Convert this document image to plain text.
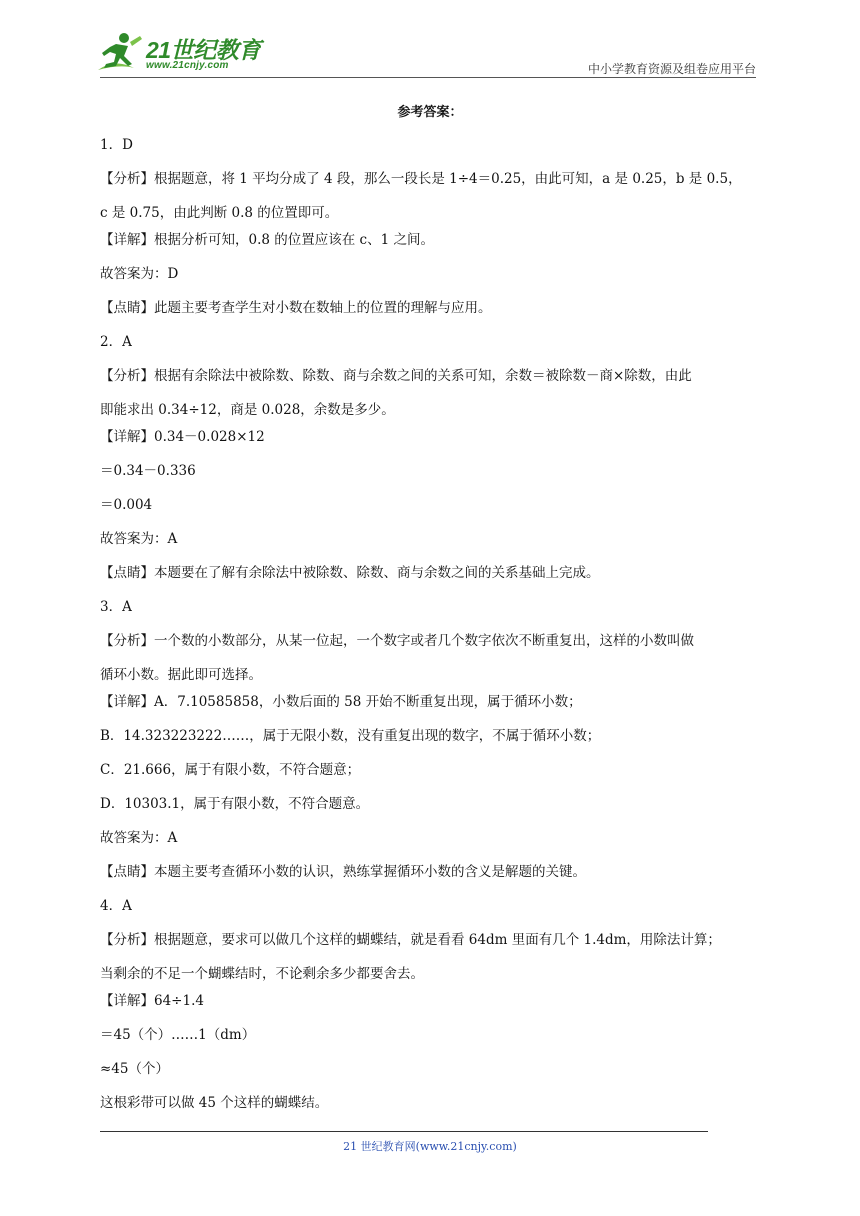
21世纪教育
www.21cnjy.com	中小学教育资源及组卷应用平台
参考答案：

1．D

【分析】根据题意，将 1 平均分成了 4 段，那么一段长是 1÷4＝0.25，由此可知，a 是 0.25，b 是 0.5，

c 是 0.75，由此判断 0.8 的位置即可。

【详解】根据分析可知，0.8 的位置应该在 c、1 之间。

故答案为：D

【点睛】此题主要考查学生对小数在数轴上的位置的理解与应用。

2．A

【分析】根据有余除法中被除数、除数、商与余数之间的关系可知，余数＝被除数－商×除数，由此

即能求出 0.34÷12，商是 0.028，余数是多少。

【详解】0.34－0.028×12

＝0.34－0.336

＝0.004

故答案为：A

【点睛】本题要在了解有余除法中被除数、除数、商与余数之间的关系基础上完成。

3．A

【分析】一个数的小数部分，从某一位起，一个数字或者几个数字依次不断重复出，这样的小数叫做

循环小数。据此即可选择。

【详解】A．7.10585858，小数后面的 58 开始不断重复出现，属于循环小数；

B．14.323223222……，属于无限小数，没有重复出现的数字，不属于循环小数；

C．21.666，属于有限小数，不符合题意；

D．10303.1，属于有限小数，不符合题意。

故答案为：A

【点睛】本题主要考查循环小数的认识，熟练掌握循环小数的含义是解题的关键。

4．A

【分析】根据题意，要求可以做几个这样的蝴蝶结，就是看看 64dm 里面有几个 1.4dm，用除法计算；

当剩余的不足一个蝴蝶结时，不论剩余多少都要舍去。

【详解】64÷1.4

＝45（个）……1（dm）

≈45（个）

这根彩带可以做 45 个这样的蝴蝶结。

21 世纪教育网(www.21cnjy.com)
